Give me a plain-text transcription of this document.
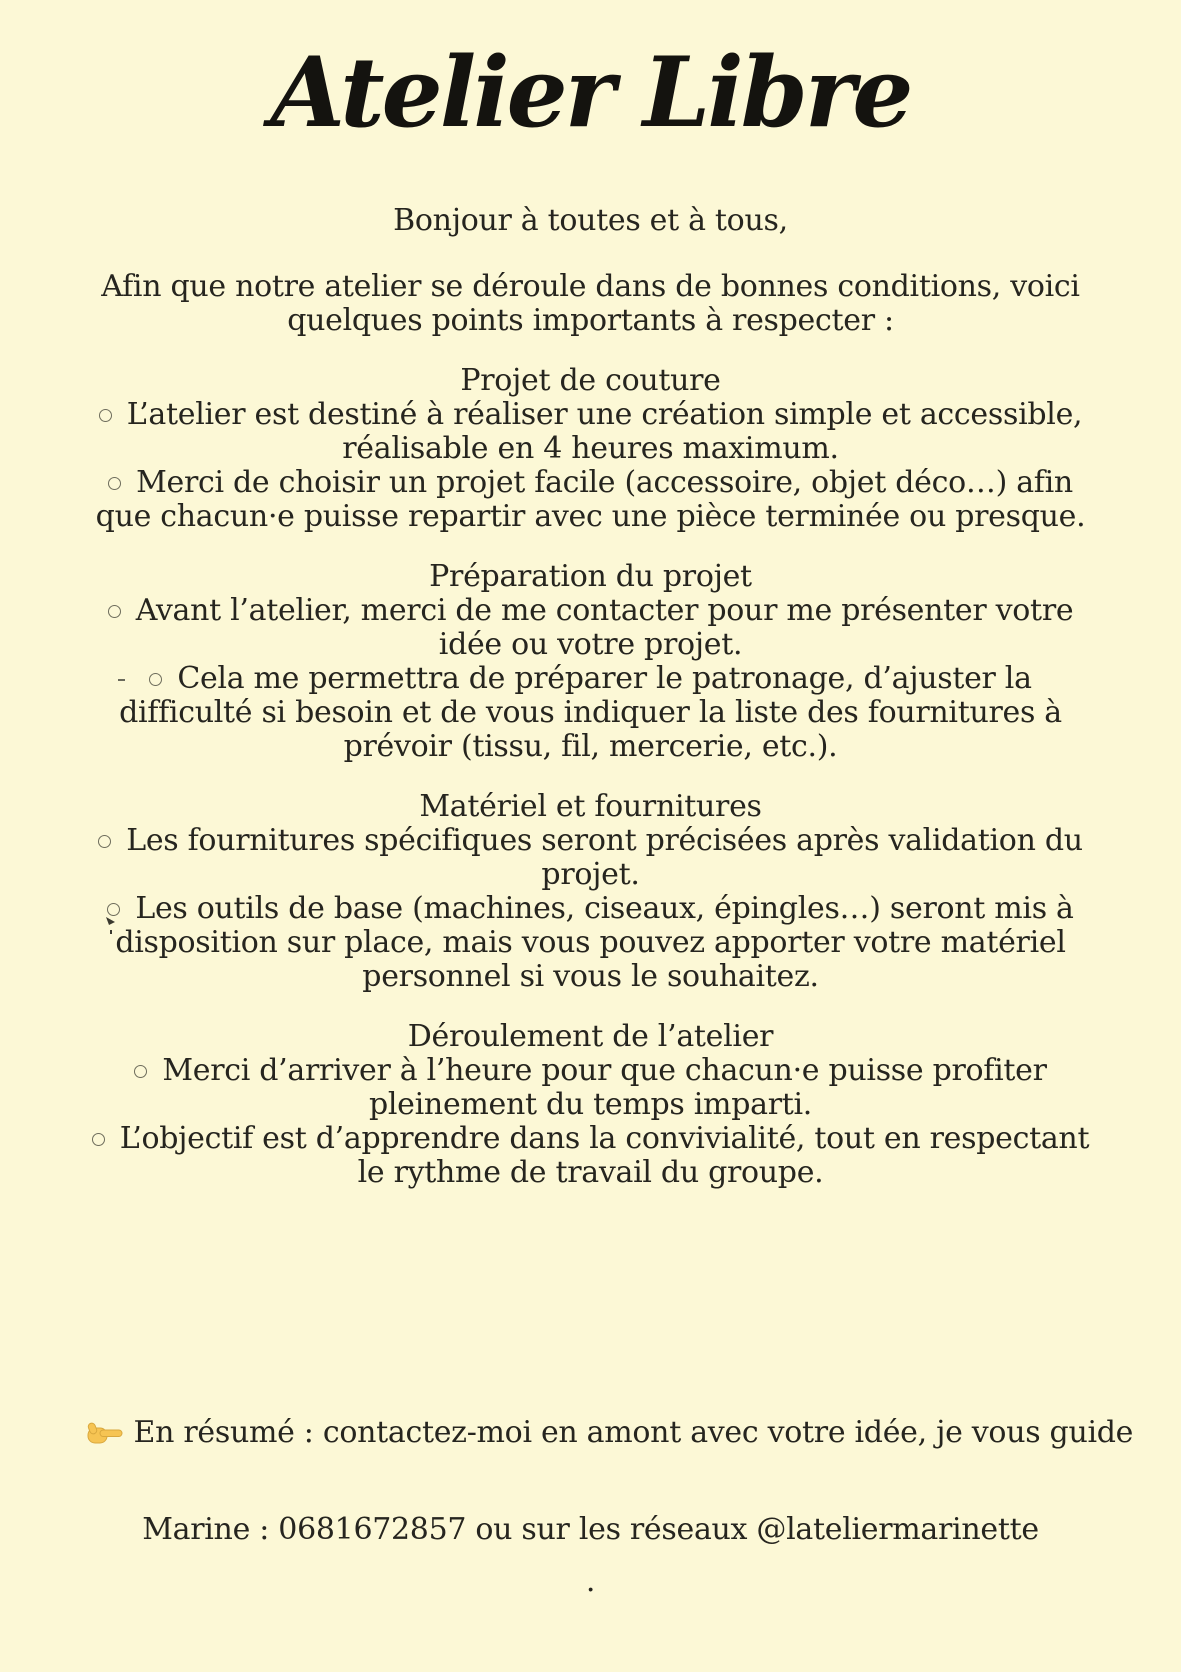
Atelier Libre

Bonjour à toutes et à tous,

Afin que notre atelier se déroule dans de bonnes conditions, voici quelques points importants à respecter :

Projet de couture

L’atelier est destiné à réaliser une création simple et accessible, réalisable en 4 heures maximum.

Merci de choisir un projet facile (accessoire, objet déco…) afin que chacun·e puisse repartir avec une pièce terminée ou presque.

Préparation du projet

Avant l’atelier, merci de me contacter pour me présenter votre idée ou votre projet.

Cela me permettra de préparer le patronage, d’ajuster la difficulté si besoin et de vous indiquer la liste des fournitures à prévoir (tissu, fil, mercerie, etc.).

Matériel et fournitures

Les fournitures spécifiques seront précisées après validation du projet.

Les outils de base (machines, ciseaux, épingles…) seront mis à disposition sur place, mais vous pouvez apporter votre matériel personnel si vous le souhaitez.

Déroulement de l’atelier

Merci d’arriver à l’heure pour que chacun·e puisse profiter pleinement du temps imparti.

L’objectif est d’apprendre dans la convivialité, tout en respectant le rythme de travail du groupe.

En résumé : contactez-moi en amont avec votre idée, je vous guide

Marine : 0681672857 ou sur les réseaux @lateliermarinette

.
